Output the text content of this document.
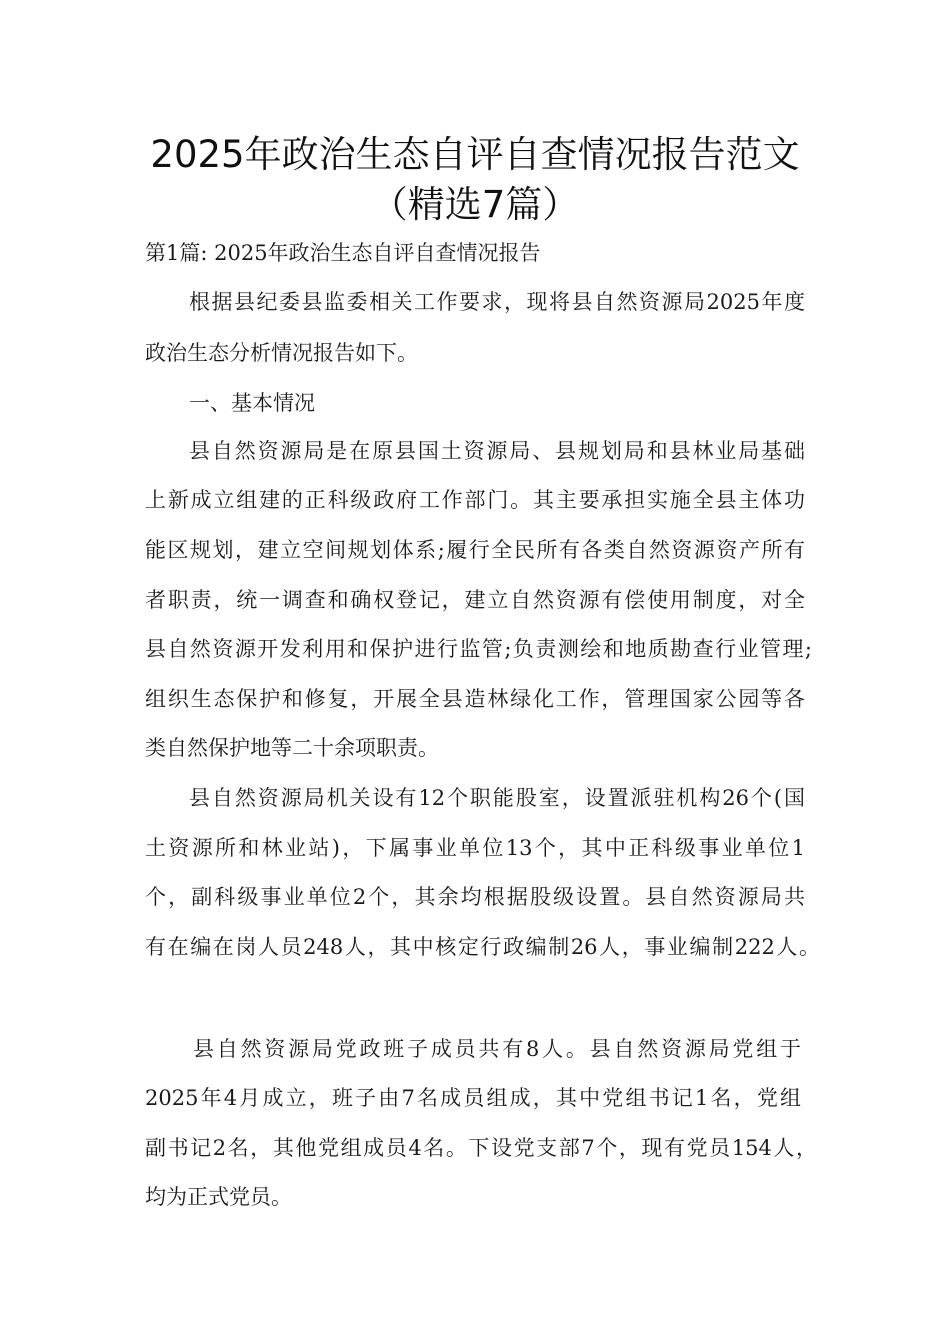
2025年政治生态自评自查情况报告范文
（精选7篇）

第1篇: 2025年政治生态自评自查情况报告

根据县纪委县监委相关工作要求，现将县自然资源局2025年度

政治生态分析情况报告如下。

一、基本情况

县自然资源局是在原县国土资源局、县规划局和县林业局基础

上新成立组建的正科级政府工作部门。其主要承担实施全县主体功

能区规划，建立空间规划体系;履行全民所有各类自然资源资产所有

者职责，统一调查和确权登记，建立自然资源有偿使用制度，对全

县自然资源开发利用和保护进行监管;负责测绘和地质勘查行业管理;

组织生态保护和修复，开展全县造林绿化工作，管理国家公园等各

类自然保护地等二十余项职责。

县自然资源局机关设有12个职能股室，设置派驻机构26个(国

土资源所和林业站)，下属事业单位13个，其中正科级事业单位1

个，副科级事业单位2个，其余均根据股级设置。县自然资源局共

有在编在岗人员248人，其中核定行政编制26人，事业编制222人。

县自然资源局党政班子成员共有8人。县自然资源局党组于

2025年4月成立，班子由7名成员组成，其中党组书记1名，党组

副书记2名，其他党组成员4名。下设党支部7个，现有党员154人，

均为正式党员。
